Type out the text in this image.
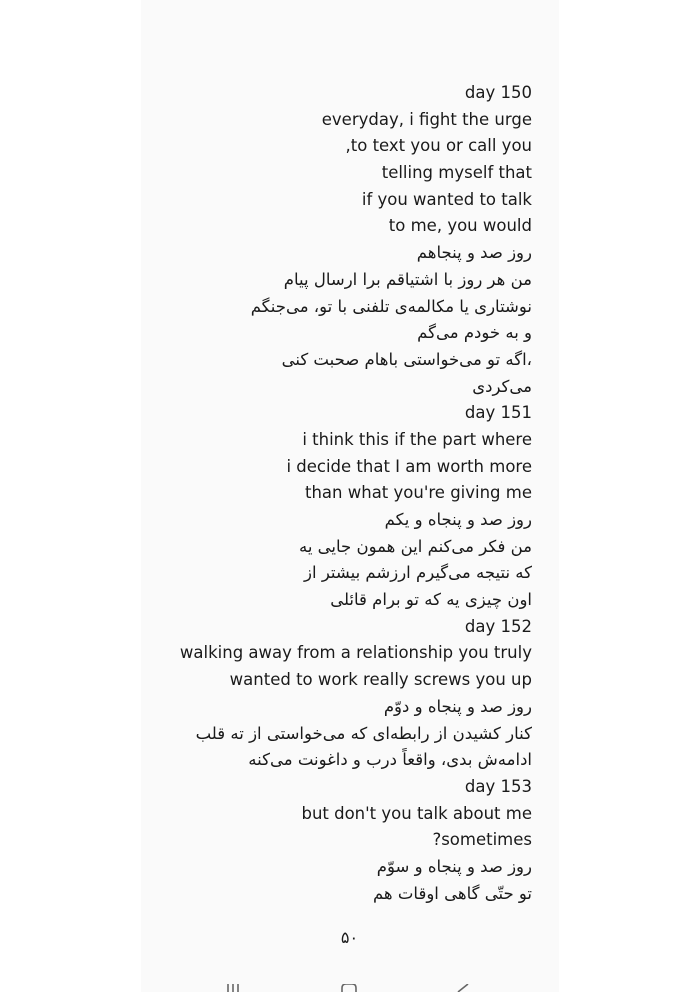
day 150
everyday, i fight the urge
,to text you or call you
telling myself that
if you wanted to talk
to me, you would
روز صد و پنجاهم
من هر روز با اشتیاقم برا ارسال پیام
نوشتاری یا مکالمه‌ی تلفنی با تو، می‌جنگم
و به خودم می‌گم
اگه تو می‌خواستی باهام صحبت کنی،
می‌کردی
day 151
i think this if the part where
i decide that I am worth more
than what you're giving me
روز صد و پنجاه و یکم
من فکر می‌کنم این همون جایی یه
که نتیجه می‌گیرم ارزشم بیشتر از
اون چیزی یه که تو برام قائلی
day 152
walking away from a relationship you truly
wanted to work really screws you up
روز صد و پنجاه و دوّم
کنار کشیدن از رابطه‌ای که می‌خواستی از ته قلب
ادامه‌ش بدی، واقعاً درب و داغونت می‌کنه
day 153
but don't you talk about me
?sometimes
روز صد و پنجاه و سوّم
تو حتّی گاهی اوقات هم
۵۰
